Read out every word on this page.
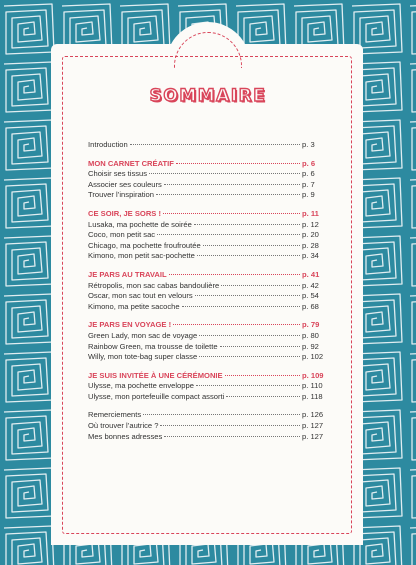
SOMMAIRE
Introduction	p. 3
MON CARNET CRÉATIF	p. 6
Choisir ses tissus	p. 6
Associer ses couleurs	p. 7
Trouver l’inspiration	p. 9
CE SOIR, JE SORS !	p. 11
Lusaka, ma pochette de soirée	p. 12
Coco, mon petit sac	p. 20
Chicago, ma pochette froufroutée	p. 28
Kimono, mon petit sac-pochette	p. 34
JE PARS AU TRAVAIL	p. 41
Rétropolis, mon sac cabas bandoulière	p. 42
Oscar, mon sac tout en velours	p. 54
Kimono, ma petite sacoche	p. 68
JE PARS EN VOYAGE !	p. 79
Green Lady, mon sac de voyage	p. 80
Rainbow Green, ma trousse de toilette	p. 92
Willy, mon tote-bag super classe	p. 102
JE SUIS INVITÉE À UNE CÉRÉMONIE	p. 109
Ulysse, ma pochette enveloppe	p. 110
Ulysse, mon portefeuille compact assorti	p. 118
Remerciements	p. 126
Où trouver l’autrice ?	p. 127
Mes bonnes adresses	p. 127
